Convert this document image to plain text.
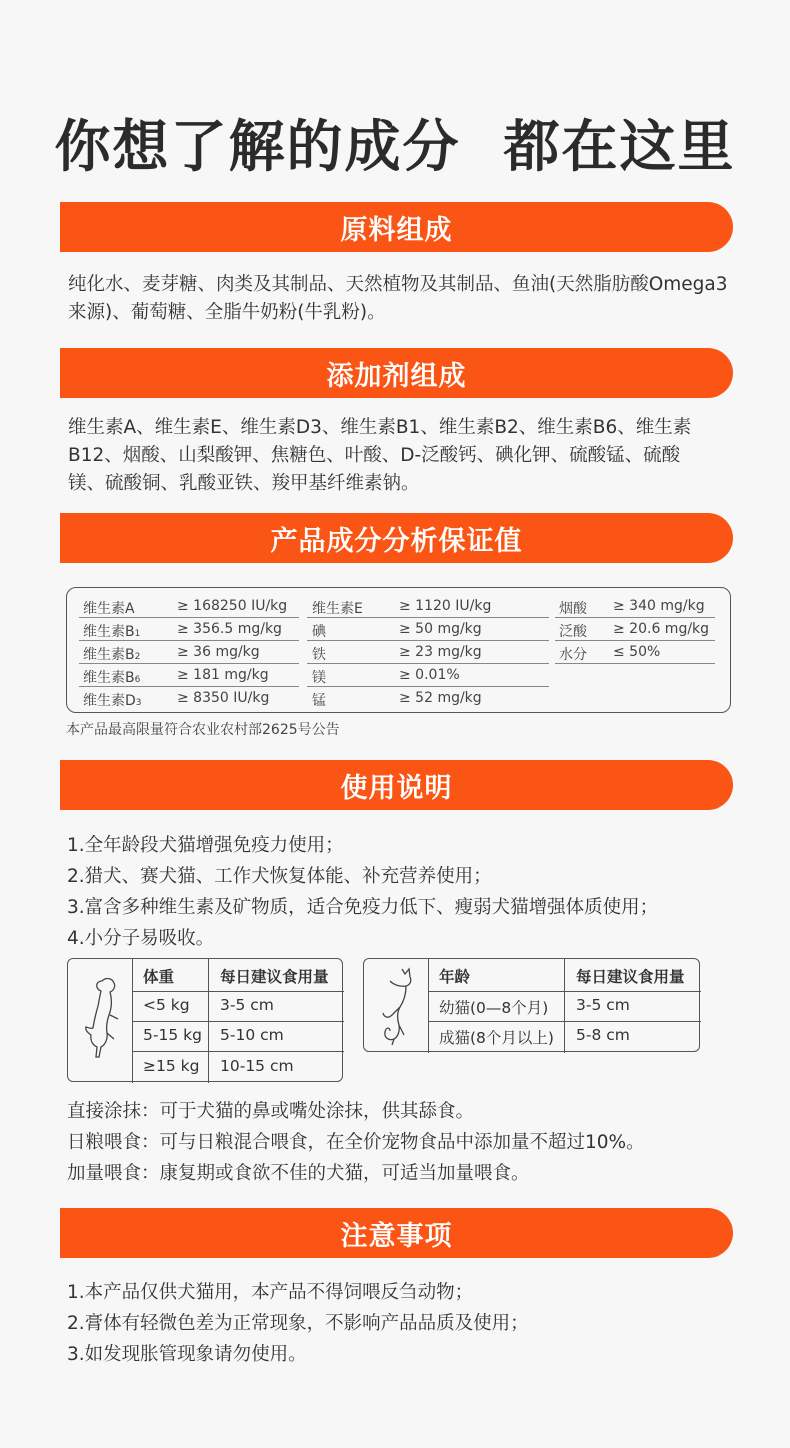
你想了解的成分  都在这里
原料组成
纯化水、麦芽糖、肉类及其制品、天然植物及其制品、鱼油(天然脂肪酸Omega3
来源)、葡萄糖、全脂牛奶粉(牛乳粉)。
添加剂组成
维生素A、维生素E、维生素D3、维生素B1、维生素B2、维生素B6、维生素
B12、烟酸、山梨酸钾、焦糖色、叶酸、D-泛酸钙、碘化钾、硫酸锰、硫酸
镁、硫酸铜、乳酸亚铁、羧甲基纤维素钠。
产品成分分析保证值
维生素A	≥ 168250 IU/kg 维生素E	≥ 1120 IU/kg	烟酸 ≥ 340 mg/kg
维生素B1	≥ 356.5 mg/kg 碘	≥ 50 mg/kg	泛酸 ≥ 20.6 mg/kg
维生素B2	≥ 36 mg/kg	铁	≥ 23 mg/kg	水分 ≤ 50%
维生素B6	≥ 181 mg/kg	镁	≥ 0.01%
维生素D3	≥ 8350 IU/kg	锰	≥ 52 mg/kg
本产品最高限量符合农业农村部2625号公告
使用说明
1.全年龄段犬猫增强免疫力使用；
2.猎犬、赛犬猫、工作犬恢复体能、补充营养使用；
3.富含多种维生素及矿物质，适合免疫力低下、瘦弱犬猫增强体质使用；
4.小分子易吸收。
体重	每日建议食用量
<5 kg 3-5 cm
5-15 kg 5-10 cm
≥15 kg 10-15 cm
年龄	每日建议食用量
幼猫(0—8个月) 3-5 cm
成猫(8个月以上) 5-8 cm
直接涂抹：可于犬猫的鼻或嘴处涂抹，供其舔食。
日粮喂食：可与日粮混合喂食，在全价宠物食品中添加量不超过10%。
加量喂食：康复期或食欲不佳的犬猫，可适当加量喂食。
注意事项
1.本产品仅供犬猫用，本产品不得饲喂反刍动物；
2.膏体有轻微色差为正常现象，不影响产品品质及使用；
3.如发现胀管现象请勿使用。
